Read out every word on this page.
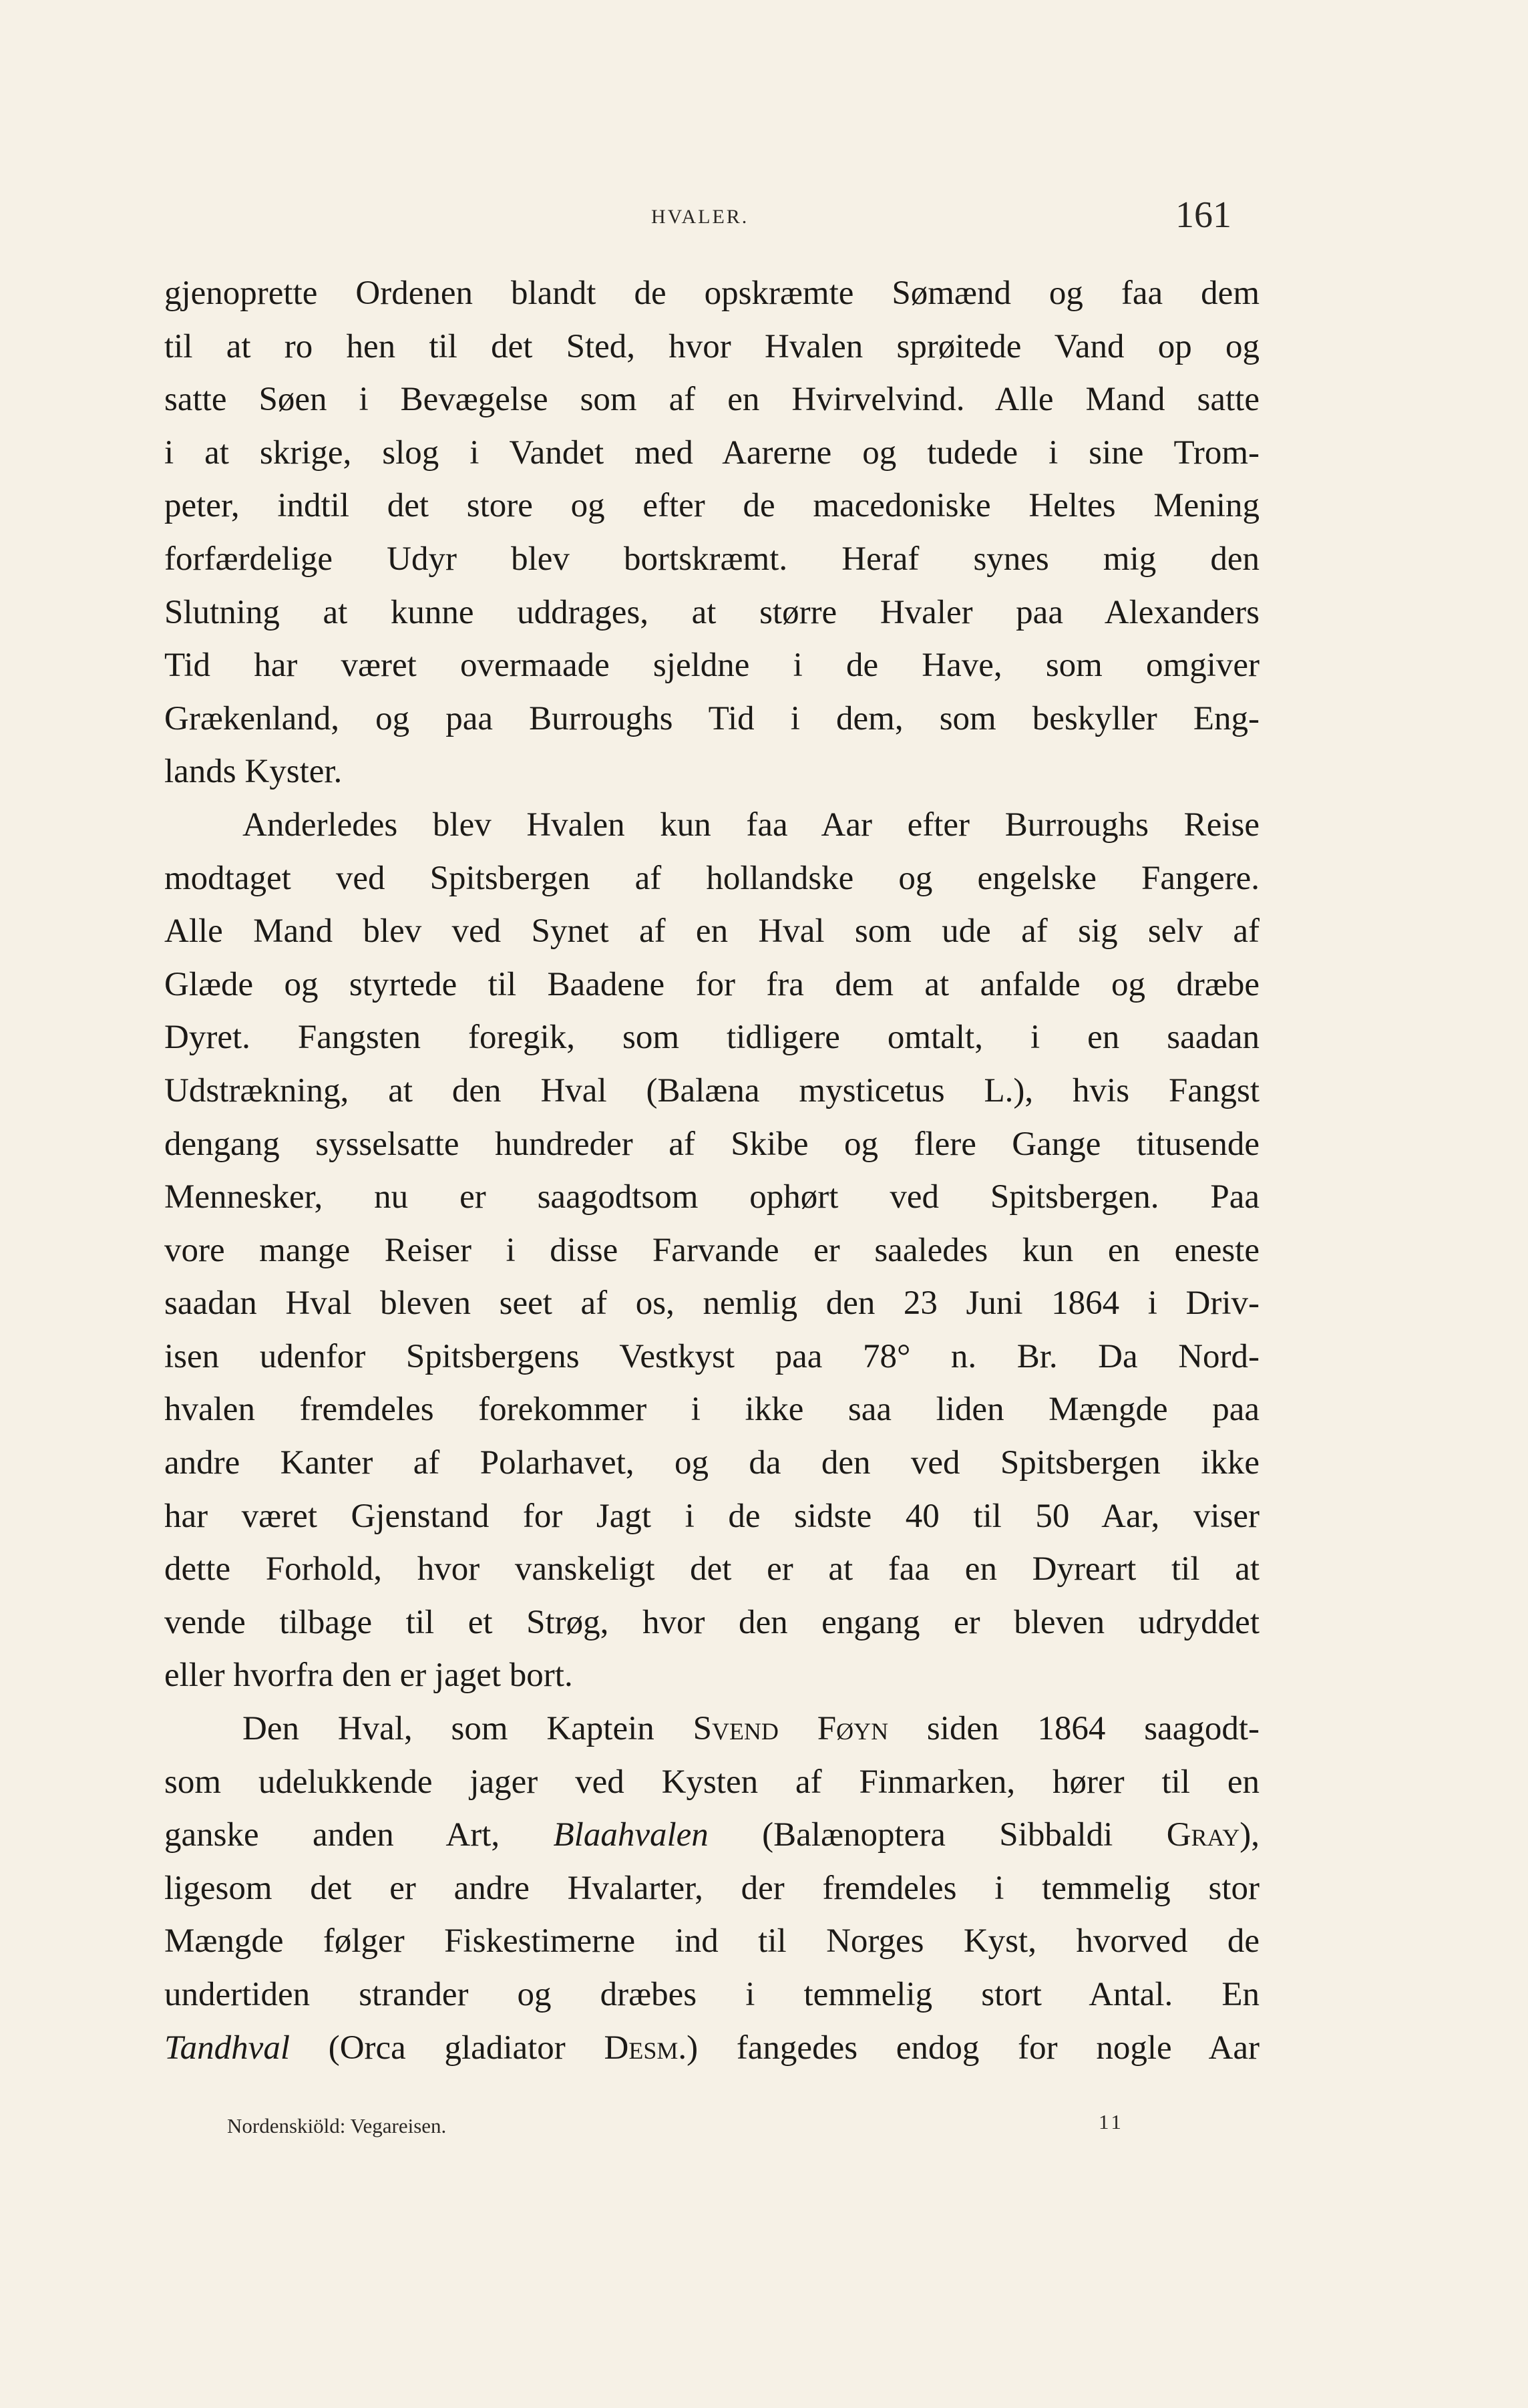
HVALER.	161
gjenoprette Ordenen blandt de opskræmte Sømænd og faa dem
til at ro hen til det Sted, hvor Hvalen sprøitede Vand op og
satte Søen i Bevægelse som af en Hvirvelvind. Alle Mand satte
i at skrige, slog i Vandet med Aarerne og tudede i sine Trom-
peter, indtil det store og efter de macedoniske Heltes Mening
forfærdelige Udyr blev bortskræmt. Heraf synes mig den
Slutning at kunne uddrages, at større Hvaler paa Alexanders
Tid har været overmaade sjeldne i de Have, som omgiver
Grækenland, og paa Burroughs Tid i dem, som beskyller Eng-
lands Kyster.
Anderledes blev Hvalen kun faa Aar efter Burroughs Reise
modtaget ved Spitsbergen af hollandske og engelske Fangere.
Alle Mand blev ved Synet af en Hval som ude af sig selv af
Glæde og styrtede til Baadene for fra dem at anfalde og dræbe
Dyret. Fangsten foregik, som tidligere omtalt, i en saadan
Udstrækning, at den Hval (Balæna mysticetus L.), hvis Fangst
dengang sysselsatte hundreder af Skibe og flere Gange titusende
Mennesker, nu er saagodtsom ophørt ved Spitsbergen. Paa
vore mange Reiser i disse Farvande er saaledes kun en eneste
saadan Hval bleven seet af os, nemlig den 23 Juni 1864 i Driv-
isen udenfor Spitsbergens Vestkyst paa 78° n. Br. Da Nord-
hvalen fremdeles forekommer i ikke saa liden Mængde paa
andre Kanter af Polarhavet, og da den ved Spitsbergen ikke
har været Gjenstand for Jagt i de sidste 40 til 50 Aar, viser
dette Forhold, hvor vanskeligt det er at faa en Dyreart til at
vende tilbage til et Strøg, hvor den engang er bleven udryddet
eller hvorfra den er jaget bort.
Den Hval, som Kaptein Svend Føyn siden 1864 saagodt-
som udelukkende jager ved Kysten af Finmarken, hører til en
ganske anden Art, Blaahvalen (Balænoptera Sibbaldi Gray),
ligesom det er andre Hvalarter, der fremdeles i temmelig stor
Mængde følger Fiskestimerne ind til Norges Kyst, hvorved de
undertiden strander og dræbes i temmelig stort Antal. En
Tandhval (Orca gladiator Desm.) fangedes endog for nogle Aar
Nordenskiöld: Vegareisen.	11
